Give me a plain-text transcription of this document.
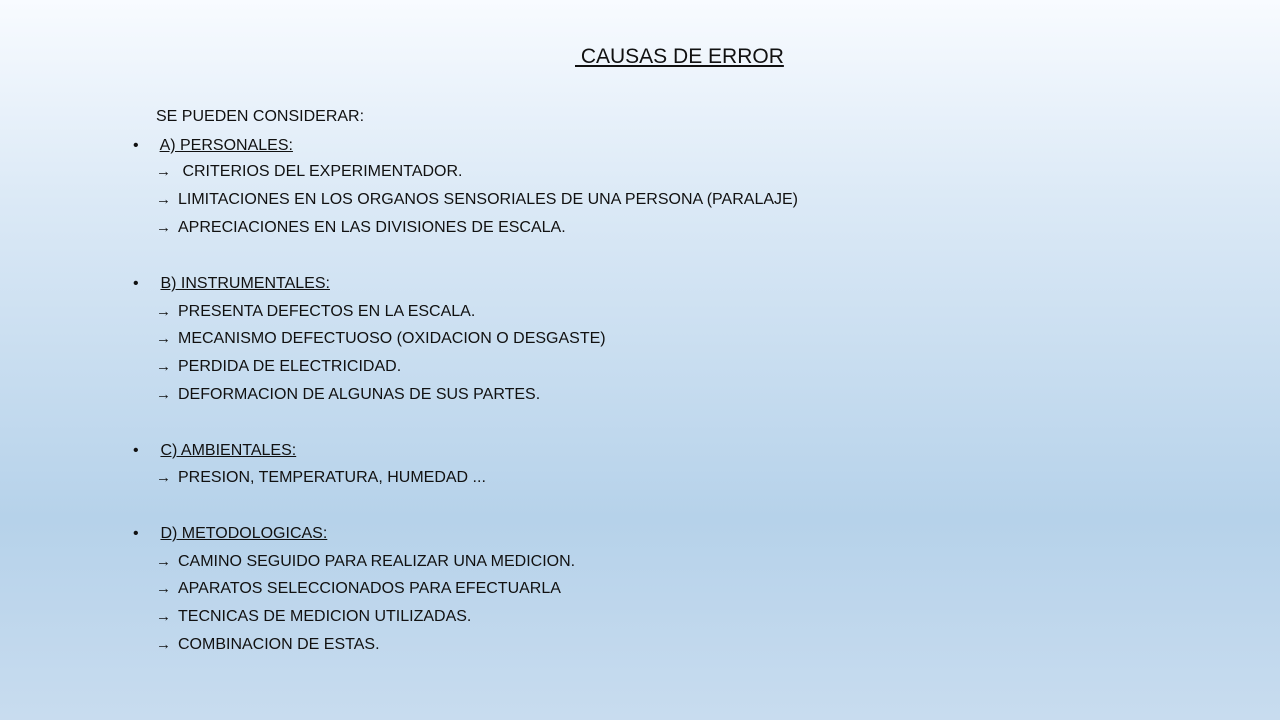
CAUSAS DE ERROR
SE PUEDEN CONSIDERAR:
• A) PERSONALES:
→ CRITERIOS DEL EXPERIMENTADOR.
→ LIMITACIONES EN LOS ORGANOS SENSORIALES DE UNA PERSONA (PARALAJE)
→ APRECIACIONES EN LAS DIVISIONES DE ESCALA.
• B) INSTRUMENTALES:
→ PRESENTA DEFECTOS EN LA ESCALA.
→ MECANISMO DEFECTUOSO (OXIDACION O DESGASTE)
→ PERDIDA DE ELECTRICIDAD.
→ DEFORMACION DE ALGUNAS DE SUS PARTES.
• C) AMBIENTALES:
→ PRESION, TEMPERATURA, HUMEDAD ...
• D) METODOLOGICAS:
→ CAMINO SEGUIDO PARA REALIZAR UNA MEDICION.
→ APARATOS SELECCIONADOS PARA EFECTUARLA
→ TECNICAS DE MEDICION UTILIZADAS.
→ COMBINACION DE ESTAS.
